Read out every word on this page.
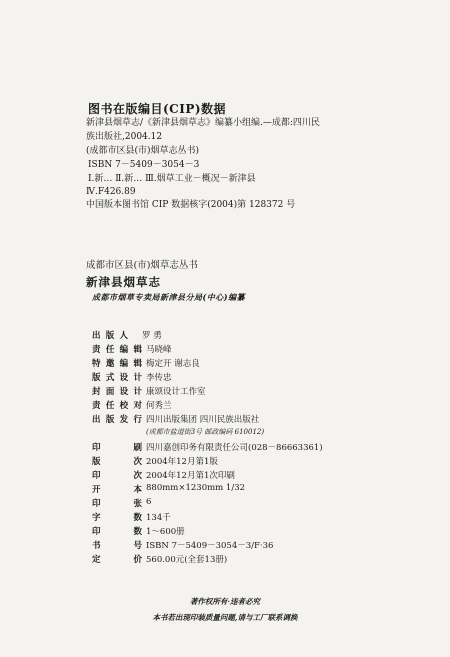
图书在版编目(CIP)数据
新津县烟草志/《新津县烟草志》编纂小组编.—成都:四川民
族出版社,2004.12
(成都市区县(市)烟草志丛书)
ISBN 7－5409－3054－3
Ⅰ.新… Ⅱ.新… Ⅲ.烟草工业－概况－新津县
Ⅳ.F426.89
中国版本图书馆 CIP 数据核字(2004)第 128372 号
成都市区县(市)烟草志丛书
新津县烟草志
成都市烟草专卖局新津县分局(中心)编纂
出版人 罗 勇
责任编辑 马晓峰
特邀编辑 梅定开 谢志良
版式设计 李传忠
封面设计 康颂设计工作室
责任校对 何秀兰
出版发行 四川出版集团 四川民族出版社
(成都市盐道街3号 邮政编码 610012)
印刷 四川嘉创印务有限责任公司(028－86663361)
版次 2004年12月第1版
印次 2004年12月第1次印刷
开本 880mm×1230mm 1/32
印张 6
字数 134千
印数 1～600册
书号 ISBN 7－5409－3054－3/F·36
定价 560.00元(全套13册)
著作权所有·违者必究
本书若出现印装质量问题,请与工厂联系调换
